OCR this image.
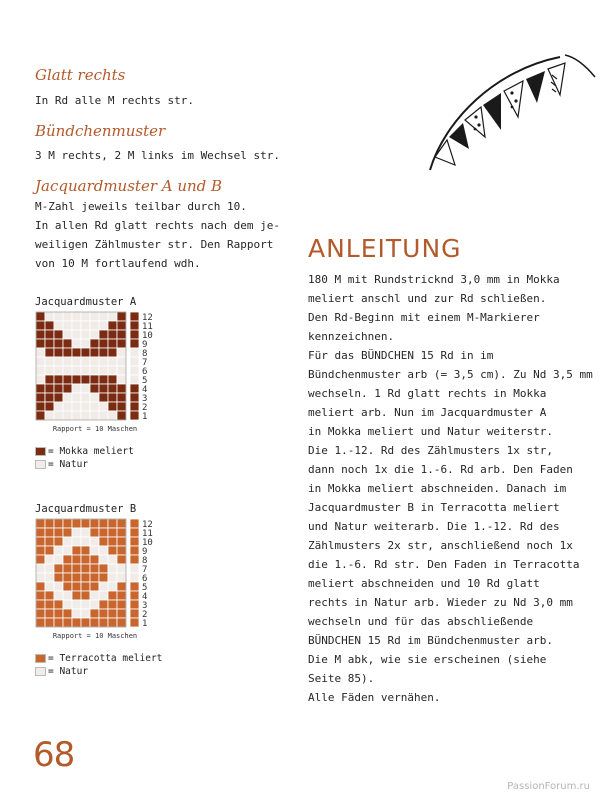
Glatt rechts

In Rd alle M rechts str.

Bündchenmuster

3 M rechts, 2 M links im Wechsel str.

Jacquardmuster A und B

M-Zahl jeweils teilbar durch 10.
In allen Rd glatt rechts nach dem je-
weiligen Zählmuster str. Den Rapport
von 10 M fortlaufend wdh.

Jacquardmuster A
12
11
10
9
8
7
6
5
4
3
2
1
Rapport = 10 Maschen
= Mokka meliert
= Natur
Jacquardmuster B
12
11
10
9
8
7
6
5
4
3
2
1
Rapport = 10 Maschen
= Terracotta meliert
= Natur
ANLEITUNG

180 M mit Rundstricknd 3,0 mm in Mokka
meliert anschl und zur Rd schließen.
Den Rd-Beginn mit einem M-Markierer
kennzeichnen.
Für das BÜNDCHEN 15 Rd in im
Bündchenmuster arb (= 3,5 cm). Zu Nd 3,5 mm
wechseln. 1 Rd glatt rechts in Mokka
meliert arb. Nun im Jacquardmuster A
in Mokka meliert und Natur weiterstr.
Die 1.-12. Rd des Zählmusters 1x str,
dann noch 1x die 1.-6. Rd arb. Den Faden
in Mokka meliert abschneiden. Danach im
Jacquardmuster B in Terracotta meliert
und Natur weiterarb. Die 1.-12. Rd des
Zählmusters 2x str, anschließend noch 1x
die 1.-6. Rd str. Den Faden in Terracotta
meliert abschneiden und 10 Rd glatt
rechts in Natur arb. Wieder zu Nd 3,0 mm
wechseln und für das abschließende
BÜNDCHEN 15 Rd im Bündchenmuster arb.
Die M abk, wie sie erscheinen (siehe
Seite 85).
Alle Fäden vernähen.

68
PassionForum.ru
